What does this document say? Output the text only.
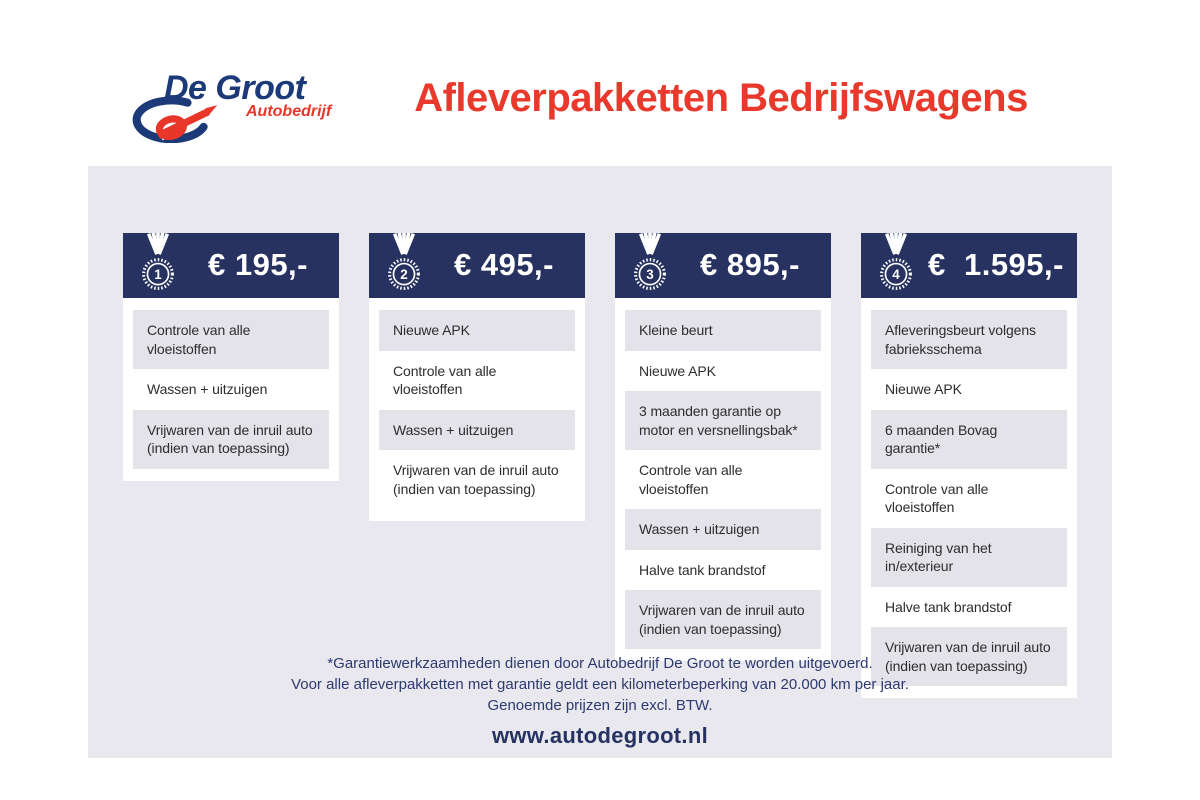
De Groot
Autobedrijf	Afleverpakketten Bedrijfswagens
1	€ 195,-
Controle van alle vloeistoffen
Wassen + uitzuigen
Vrijwaren van de inruil auto (indien van toepassing)
2	€ 495,-
Nieuwe APK
Controle van alle vloeistoffen
Wassen + uitzuigen
Vrijwaren van de inruil auto (indien van toepassing)
3	€ 895,-
Kleine beurt
Nieuwe APK
3 maanden garantie op motor en versnellingsbak*
Controle van alle vloeistoffen
Wassen + uitzuigen
Halve tank brandstof
Vrijwaren van de inruil auto (indien van toepassing)
4 €  1.595,-
Afleveringsbeurt volgens fabrieksschema
Nieuwe APK
6 maanden Bovag garantie*
Controle van alle vloeistoffen
Reiniging van het in/exterieur
Halve tank brandstof
Vrijwaren van de inruil auto (indien van toepassing)
*Garantiewerkzaamheden dienen door Autobedrijf De Groot te worden uitgevoerd.
Voor alle afleverpakketten met garantie geldt een kilometerbeperking van 20.000 km per jaar.
Genoemde prijzen zijn excl. BTW.
www.autodegroot.nl
